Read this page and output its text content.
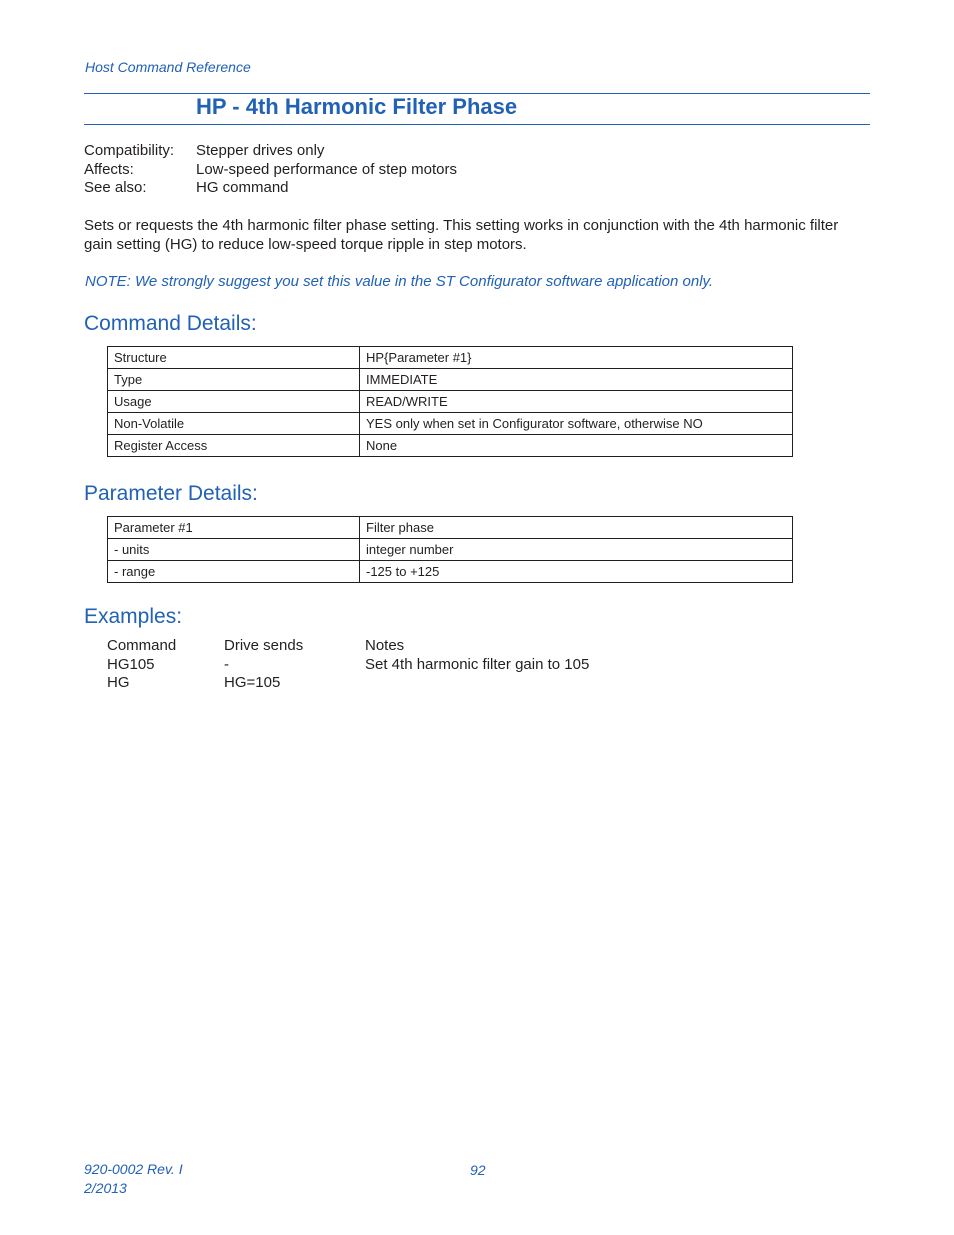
Host Command Reference
HP - 4th Harmonic Filter Phase
Compatibility:	Stepper drives only
Affects:	Low-speed performance of step motors
See also:	HG command
Sets or requests the 4th harmonic filter phase setting. This setting works in conjunction with the 4th harmonic filter gain setting (HG) to reduce low-speed torque ripple in step motors.
NOTE: We strongly suggest you set this value in the ST Configurator software application only.
Command Details:
Structure	HP{Parameter #1}
Type	IMMEDIATE
Usage	READ/WRITE
Non-Volatile	YES only when set in Configurator software, otherwise NO
Register Access	None
Parameter Details:
Parameter #1	Filter phase
- units	integer number
- range	-125 to +125
Examples:
Command	Drive sends	Notes
HG105	-	Set 4th harmonic filter gain to 105
HG	HG=105
920-0002 Rev. I
2/2013
92
